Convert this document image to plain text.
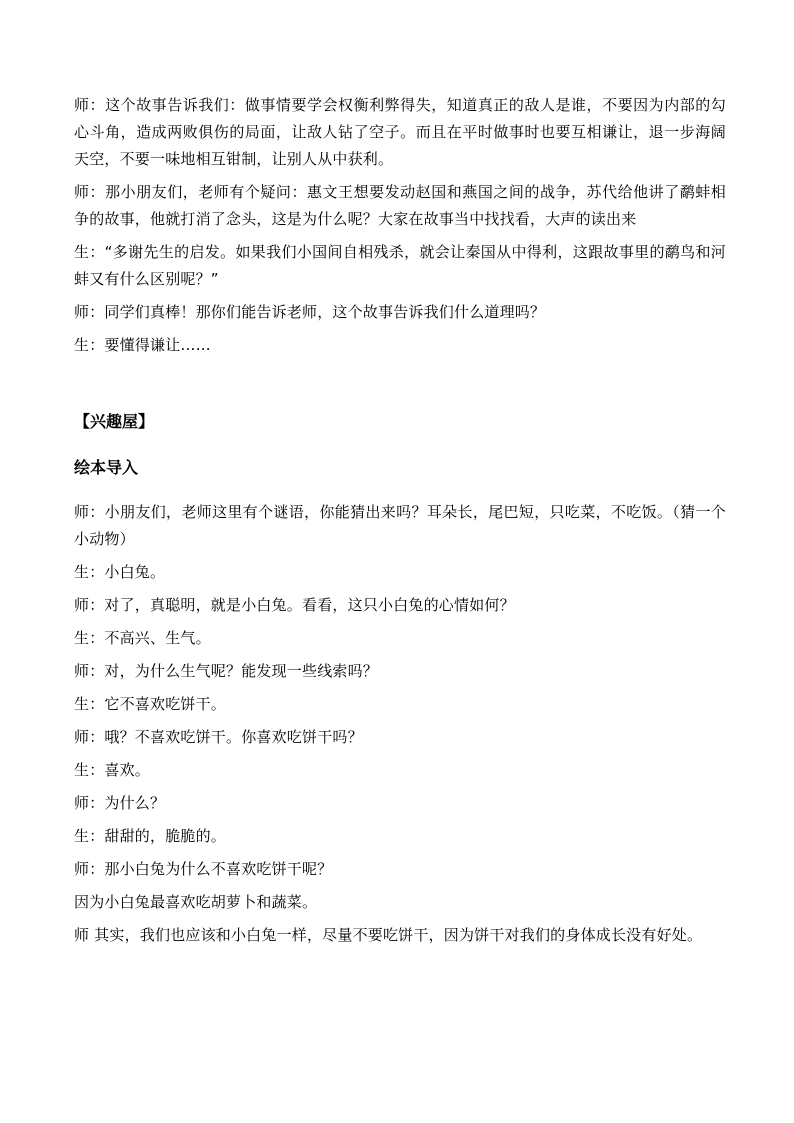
师：这个故事告诉我们：做事情要学会权衡利弊得失，知道真正的敌人是谁，不要因为内部的勾心斗角，造成两败俱伤的局面，让敌人钻了空子。而且在平时做事时也要互相谦让，退一步海阔天空，不要一味地相互钳制，让别人从中获利。

师：那小朋友们，老师有个疑问：惠文王想要发动赵国和燕国之间的战争，苏代给他讲了鹬蚌相争的故事，他就打消了念头，这是为什么呢？大家在故事当中找找看，大声的读出来

生：“多谢先生的启发。如果我们小国间自相残杀，就会让秦国从中得利，这跟故事里的鹬鸟和河蚌又有什么区别呢？”

师：同学们真棒！那你们能告诉老师，这个故事告诉我们什么道理吗？

生：要懂得谦让……

【兴趣屋】
绘本导入

师：小朋友们，老师这里有个谜语，你能猜出来吗？耳朵长，尾巴短，只吃菜，不吃饭。（猜一个小动物）

生：小白兔。

师：对了，真聪明，就是小白兔。看看，这只小白兔的心情如何？

生：不高兴、生气。

师：对，为什么生气呢？能发现一些线索吗？

生：它不喜欢吃饼干。

师：哦？不喜欢吃饼干。你喜欢吃饼干吗？

生：喜欢。

师：为什么？

生：甜甜的，脆脆的。

师：那小白兔为什么不喜欢吃饼干呢？

因为小白兔最喜欢吃胡萝卜和蔬菜。

师 其实，我们也应该和小白兔一样，尽量不要吃饼干，因为饼干对我们的身体成长没有好处。
